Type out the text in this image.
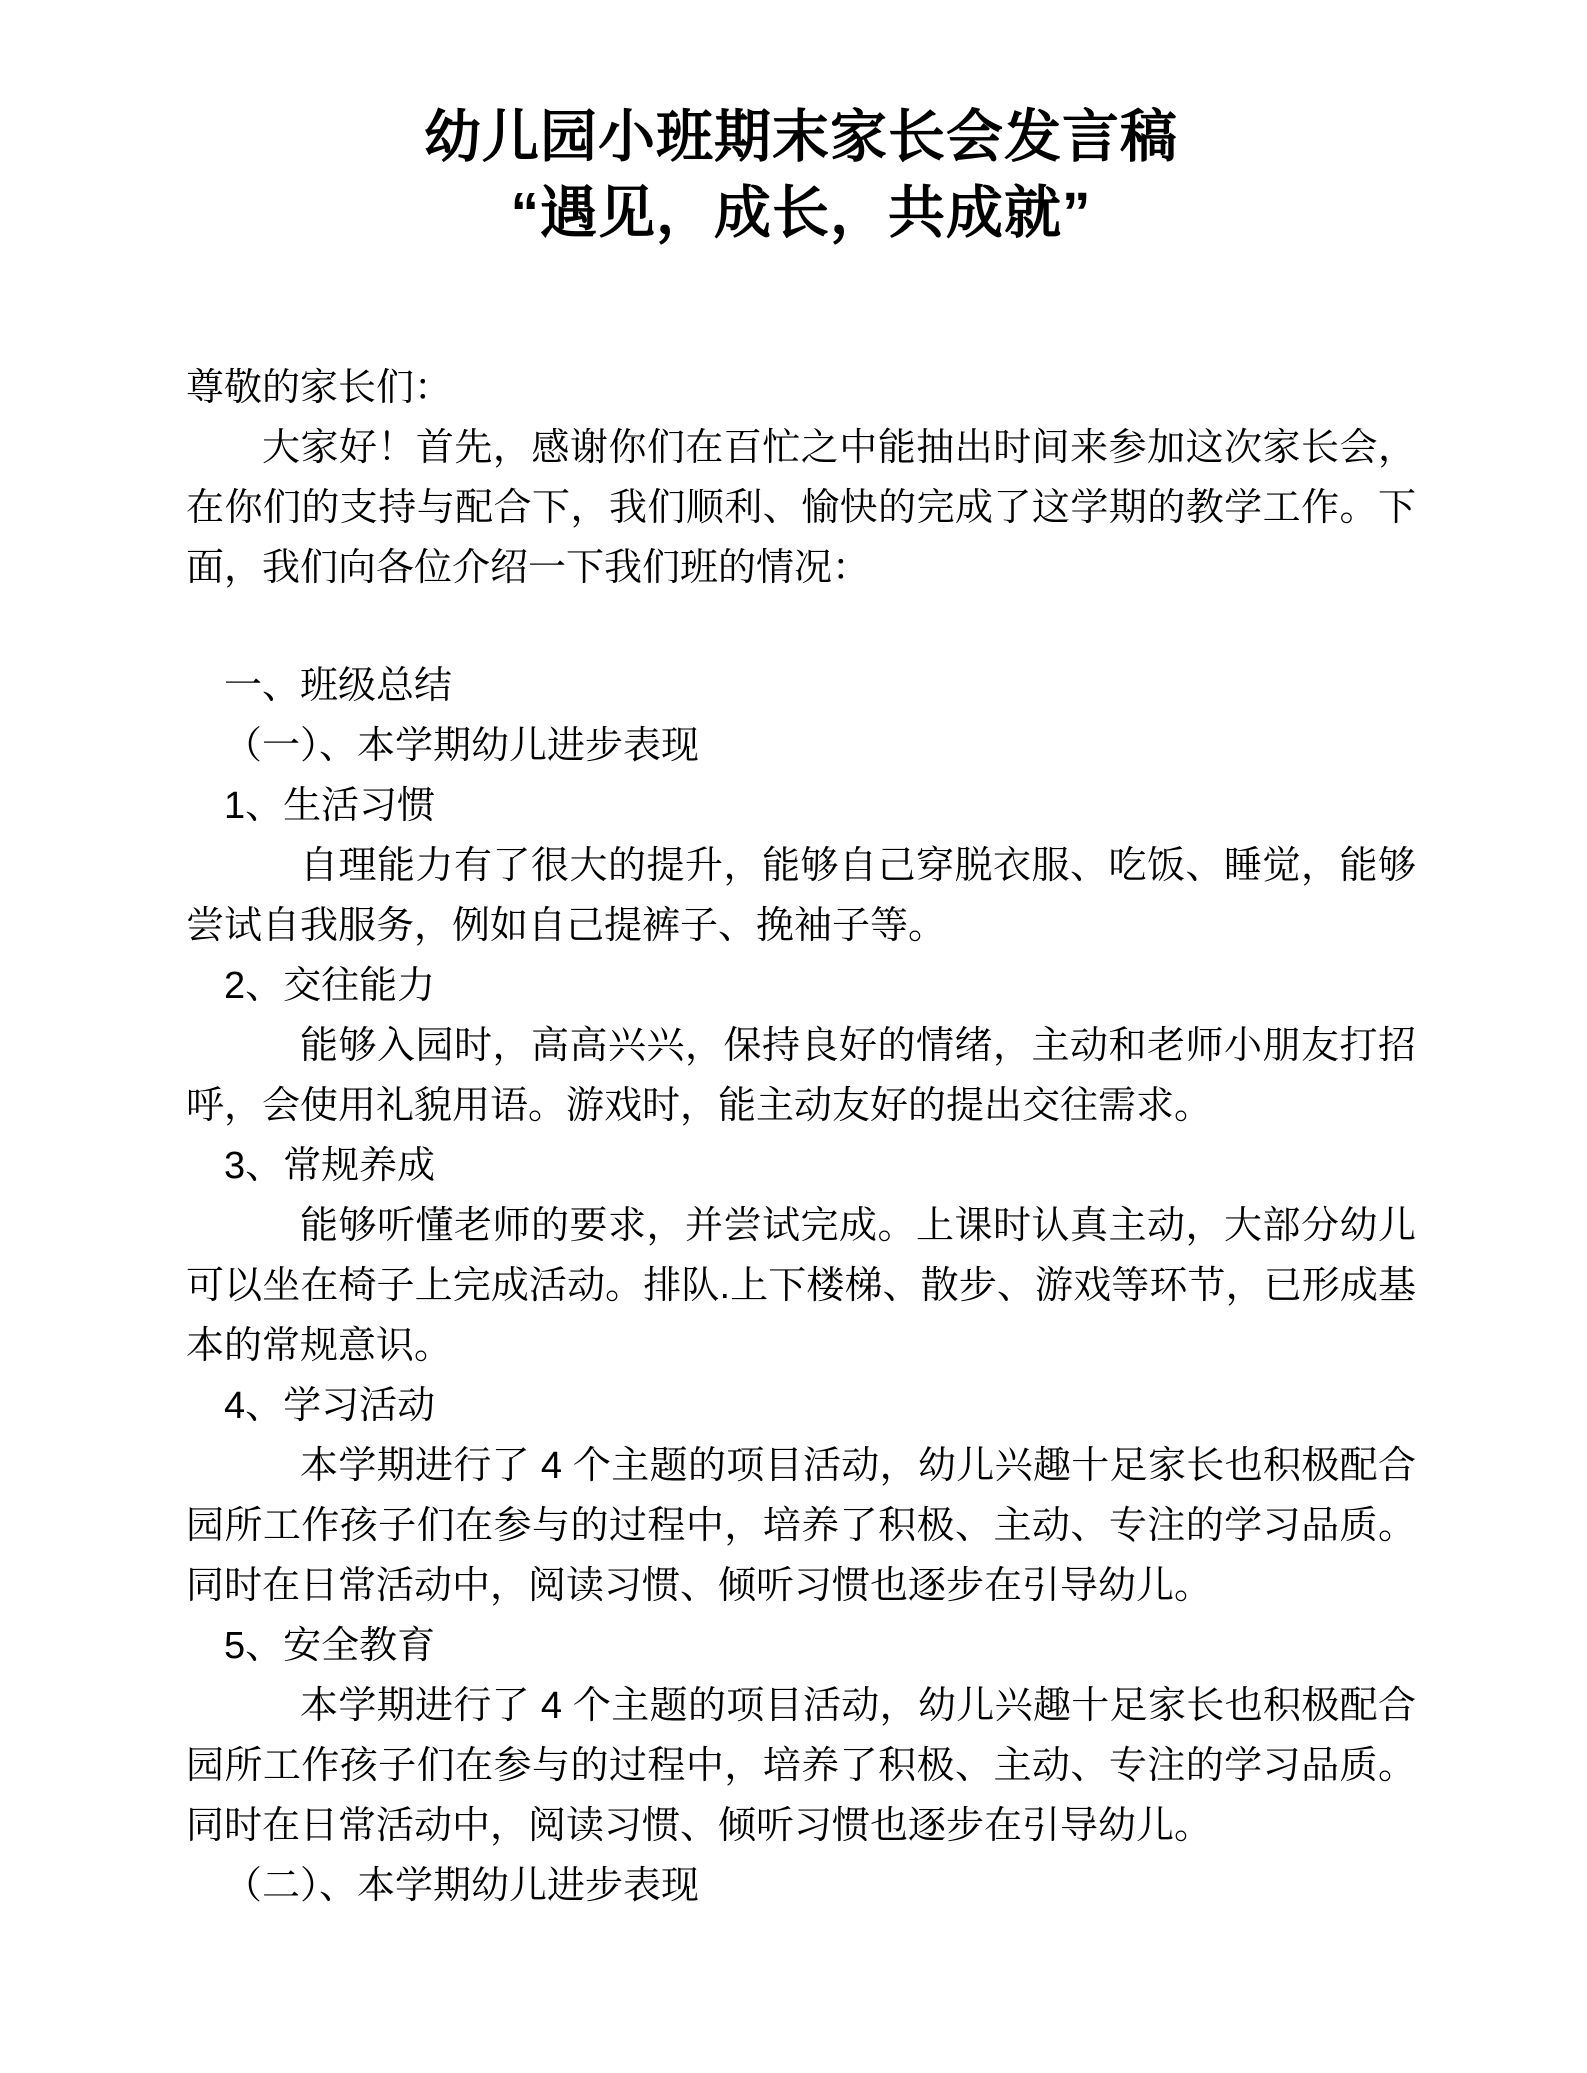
幼儿园小班期末家长会发言稿
“遇见，成长，共成就”

尊敬的家长们：

大家好！首先，感谢你们在百忙之中能抽出时间来参加这次家长会，在你们的支持与配合下，我们顺利、愉快的完成了这学期的教学工作。下面，我们向各位介绍一下我们班的情况：

一、班级总结

（一）、本学期幼儿进步表现

1、生活习惯

自理能力有了很大的提升，能够自己穿脱衣服、吃饭、睡觉，能够尝试自我服务，例如自己提裤子、挽袖子等。

2、交往能力

能够入园时，高高兴兴，保持良好的情绪，主动和老师小朋友打招呼，会使用礼貌用语。游戏时，能主动友好的提出交往需求。

3、常规养成

能够听懂老师的要求，并尝试完成。上课时认真主动，大部分幼儿可以坐在椅子上完成活动。排队.上下楼梯、散步、游戏等环节，已形成基本的常规意识。

4、学习活动

本学期进行了 4 个主题的项目活动，幼儿兴趣十足家长也积极配合园所工作孩子们在参与的过程中，培养了积极、主动、专注的学习品质。同时在日常活动中，阅读习惯、倾听习惯也逐步在引导幼儿。

5、安全教育

本学期进行了 4 个主题的项目活动，幼儿兴趣十足家长也积极配合园所工作孩子们在参与的过程中，培养了积极、主动、专注的学习品质。同时在日常活动中，阅读习惯、倾听习惯也逐步在引导幼儿。

（二）、本学期幼儿进步表现
